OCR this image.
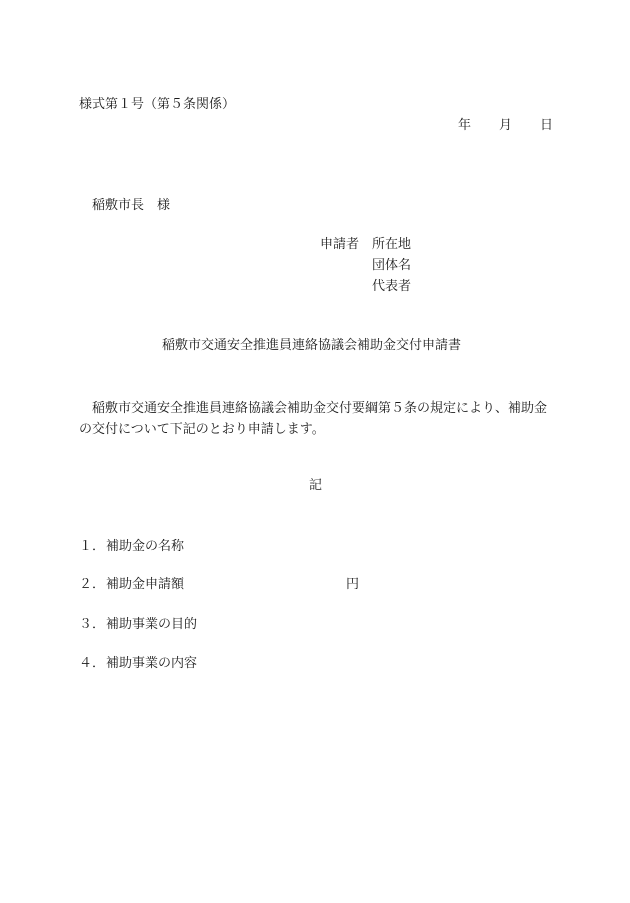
様式第１号（第５条関係）
年 月 日
稲敷市長 様
申請者 所在地
団体名
代表者
稲敷市交通安全推進員連絡協議会補助金交付申請書
稲敷市交通安全推進員連絡協議会補助金交付要綱第５条の規定により、補助金の交付について下記のとおり申請します。
記
１．補助金の名称
２．補助金申請額	円
３．補助事業の目的
４．補助事業の内容
